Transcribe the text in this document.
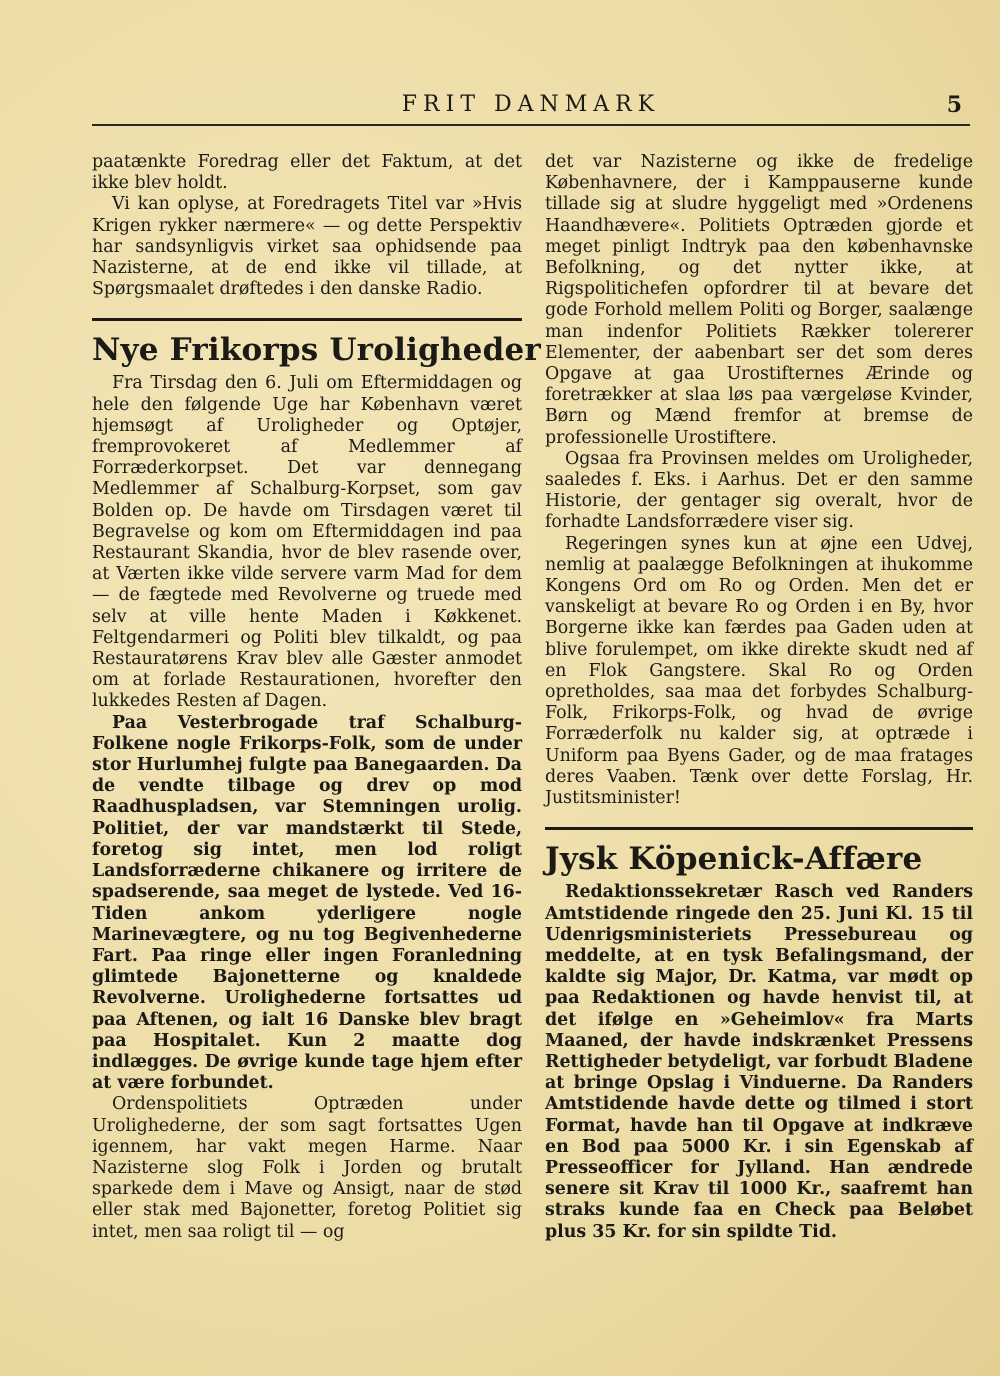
FRIT DANMARK	5

paatænkte Foredrag eller det Faktum, at det ikke blev holdt.

Vi kan oplyse, at Foredragets Titel var »Hvis Krigen rykker nærmere« — og dette Perspektiv har sandsynligvis virket saa ophidsende paa Nazisterne, at de end ikke vil tillade, at Spørgsmaalet drøftedes i den danske Radio.

Nye Frikorps Uroligheder

Fra Tirsdag den 6. Juli om Eftermiddagen og hele den følgende Uge har København været hjemsøgt af Uroligheder og Optøjer, fremprovokeret af Medlemmer af Forræderkorpset. Det var dennegang Medlemmer af Schalburg-Korpset, som gav Bolden op. De havde om Tirsdagen været til Begravelse og kom om Eftermiddagen ind paa Restaurant Skandia, hvor de blev rasende over, at Værten ikke vilde servere varm Mad for dem — de fægtede med Revolverne og truede med selv at ville hente Maden i Køkkenet. Feltgendarmeri og Politi blev tilkaldt, og paa Restauratørens Krav blev alle Gæster anmodet om at forlade Restaurationen, hvorefter den lukkedes Resten af Dagen.

Paa Vesterbrogade traf Schalburg-Folkene nogle Frikorps-Folk, som de under stor Hurlumhej fulgte paa Banegaarden. Da de vendte tilbage og drev op mod Raadhuspladsen, var Stemningen urolig. Politiet, der var mandstærkt til Stede, foretog sig intet, men lod roligt Landsforræderne chikanere og irritere de spadserende, saa meget de lystede. Ved 16-Tiden ankom yderligere nogle Marinevægtere, og nu tog Begivenhederne Fart. Paa ringe eller ingen Foranledning glimtede Bajonetterne og knaldede Revolverne. Urolighederne fortsattes ud paa Aftenen, og ialt 16 Danske blev bragt paa Hospitalet. Kun 2 maatte dog indlægges. De øvrige kunde tage hjem efter at være forbundet.

Ordenspolitiets Optræden under Urolighederne, der som sagt fortsattes Ugen igennem, har vakt megen Harme. Naar Nazisterne slog Folk i Jorden og brutalt sparkede dem i Mave og Ansigt, naar de stød eller stak med Bajonetter, foretog Politiet sig intet, men saa roligt til — og

det var Nazisterne og ikke de fredelige Københavnere, der i Kamppauserne kunde tillade sig at sludre hyggeligt med »Ordenens Haandhævere«. Politiets Optræden gjorde et meget pinligt Indtryk paa den københavnske Befolkning, og det nytter ikke, at Rigspolitichefen opfordrer til at bevare det gode Forhold mellem Politi og Borger, saalænge man indenfor Politiets Rækker tolererer Elementer, der aabenbart ser det som deres Opgave at gaa Urostifternes Ærinde og foretrækker at slaa løs paa værgeløse Kvinder, Børn og Mænd fremfor at bremse de professionelle Urostiftere.

Ogsaa fra Provinsen meldes om Uroligheder, saaledes f. Eks. i Aarhus. Det er den samme Historie, der gentager sig overalt, hvor de forhadte Landsforrædere viser sig.

Regeringen synes kun at øjne een Udvej, nemlig at paalægge Befolkningen at ihukomme Kongens Ord om Ro og Orden. Men det er vanskeligt at bevare Ro og Orden i en By, hvor Borgerne ikke kan færdes paa Gaden uden at blive forulempet, om ikke direkte skudt ned af en Flok Gangstere. Skal Ro og Orden opretholdes, saa maa det forbydes Schalburg-Folk, Frikorps-Folk, og hvad de øvrige Forræderfolk nu kalder sig, at optræde i Uniform paa Byens Gader, og de maa fratages deres Vaaben. Tænk over dette Forslag, Hr. Justitsminister!

Jysk Köpenick-Affære

Redaktionssekretær Rasch ved Randers Amtstidende ringede den 25. Juni Kl. 15 til Udenrigsministeriets Pressebureau og meddelte, at en tysk Befalingsmand, der kaldte sig Major, Dr. Katma, var mødt op paa Redaktionen og havde henvist til, at det ifølge en »Geheimlov« fra Marts Maaned, der havde indskrænket Pressens Rettigheder betydeligt, var forbudt Bladene at bringe Opslag i Vinduerne. Da Randers Amtstidende havde dette og tilmed i stort Format, havde han til Opgave at indkræve en Bod paa 5000 Kr. i sin Egenskab af Presseofficer for Jylland. Han ændrede senere sit Krav til 1000 Kr., saafremt han straks kunde faa en Check paa Beløbet plus 35 Kr. for sin spildte Tid.
